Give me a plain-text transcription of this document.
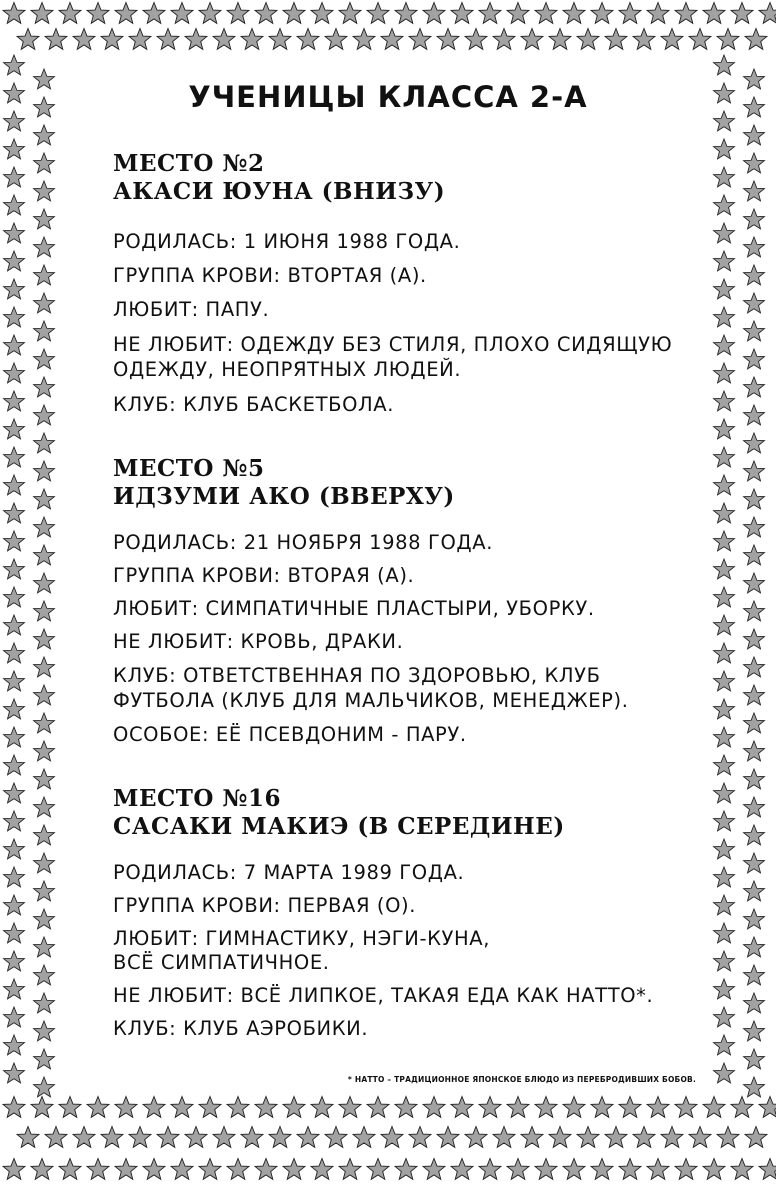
УЧЕНИЦЫ КЛАССА 2-А
МЕСТО №2
АКАСИ ЮУНА (ВНИЗУ)
РОДИЛАСЬ: 1 ИЮНЯ 1988 ГОДА.
ГРУППА КРОВИ: ВТОРТАЯ (А).
ЛЮБИТ: ПАПУ.
НЕ ЛЮБИТ: ОДЕЖДУ БЕЗ СТИЛЯ, ПЛОХО СИДЯЩУЮ
ОДЕЖДУ, НЕОПРЯТНЫХ ЛЮДЕЙ.
КЛУБ: КЛУБ БАСКЕТБОЛА.
МЕСТО №5
ИДЗУМИ АКО (ВВЕРХУ)
РОДИЛАСЬ: 21 НОЯБРЯ 1988 ГОДА.
ГРУППА КРОВИ: ВТОРАЯ (А).
ЛЮБИТ: СИМПАТИЧНЫЕ ПЛАСТЫРИ, УБОРКУ.
НЕ ЛЮБИТ: КРОВЬ, ДРАКИ.
КЛУБ: ОТВЕТСТВЕННАЯ ПО ЗДОРОВЬЮ, КЛУБ
ФУТБОЛА (КЛУБ ДЛЯ МАЛЬЧИКОВ, МЕНЕДЖЕР).
ОСОБОЕ: ЕЁ ПСЕВДОНИМ - ПАРУ.
МЕСТО №16
САСАКИ МАКИЭ (В СЕРЕДИНЕ)
РОДИЛАСЬ: 7 МАРТА 1989 ГОДА.
ГРУППА КРОВИ: ПЕРВАЯ (О).
ЛЮБИТ: ГИМНАСТИКУ, НЭГИ-КУНА,
ВСЁ СИМПАТИЧНОЕ.
НЕ ЛЮБИТ: ВСЁ ЛИПКОЕ, ТАКАЯ ЕДА КАК НАТТО*.
КЛУБ: КЛУБ АЭРОБИКИ.
* НАТТО – ТРАДИЦИОННОЕ ЯПОНСКОЕ БЛЮДО ИЗ ПЕРЕБРОДИВШИХ БОБОВ.
